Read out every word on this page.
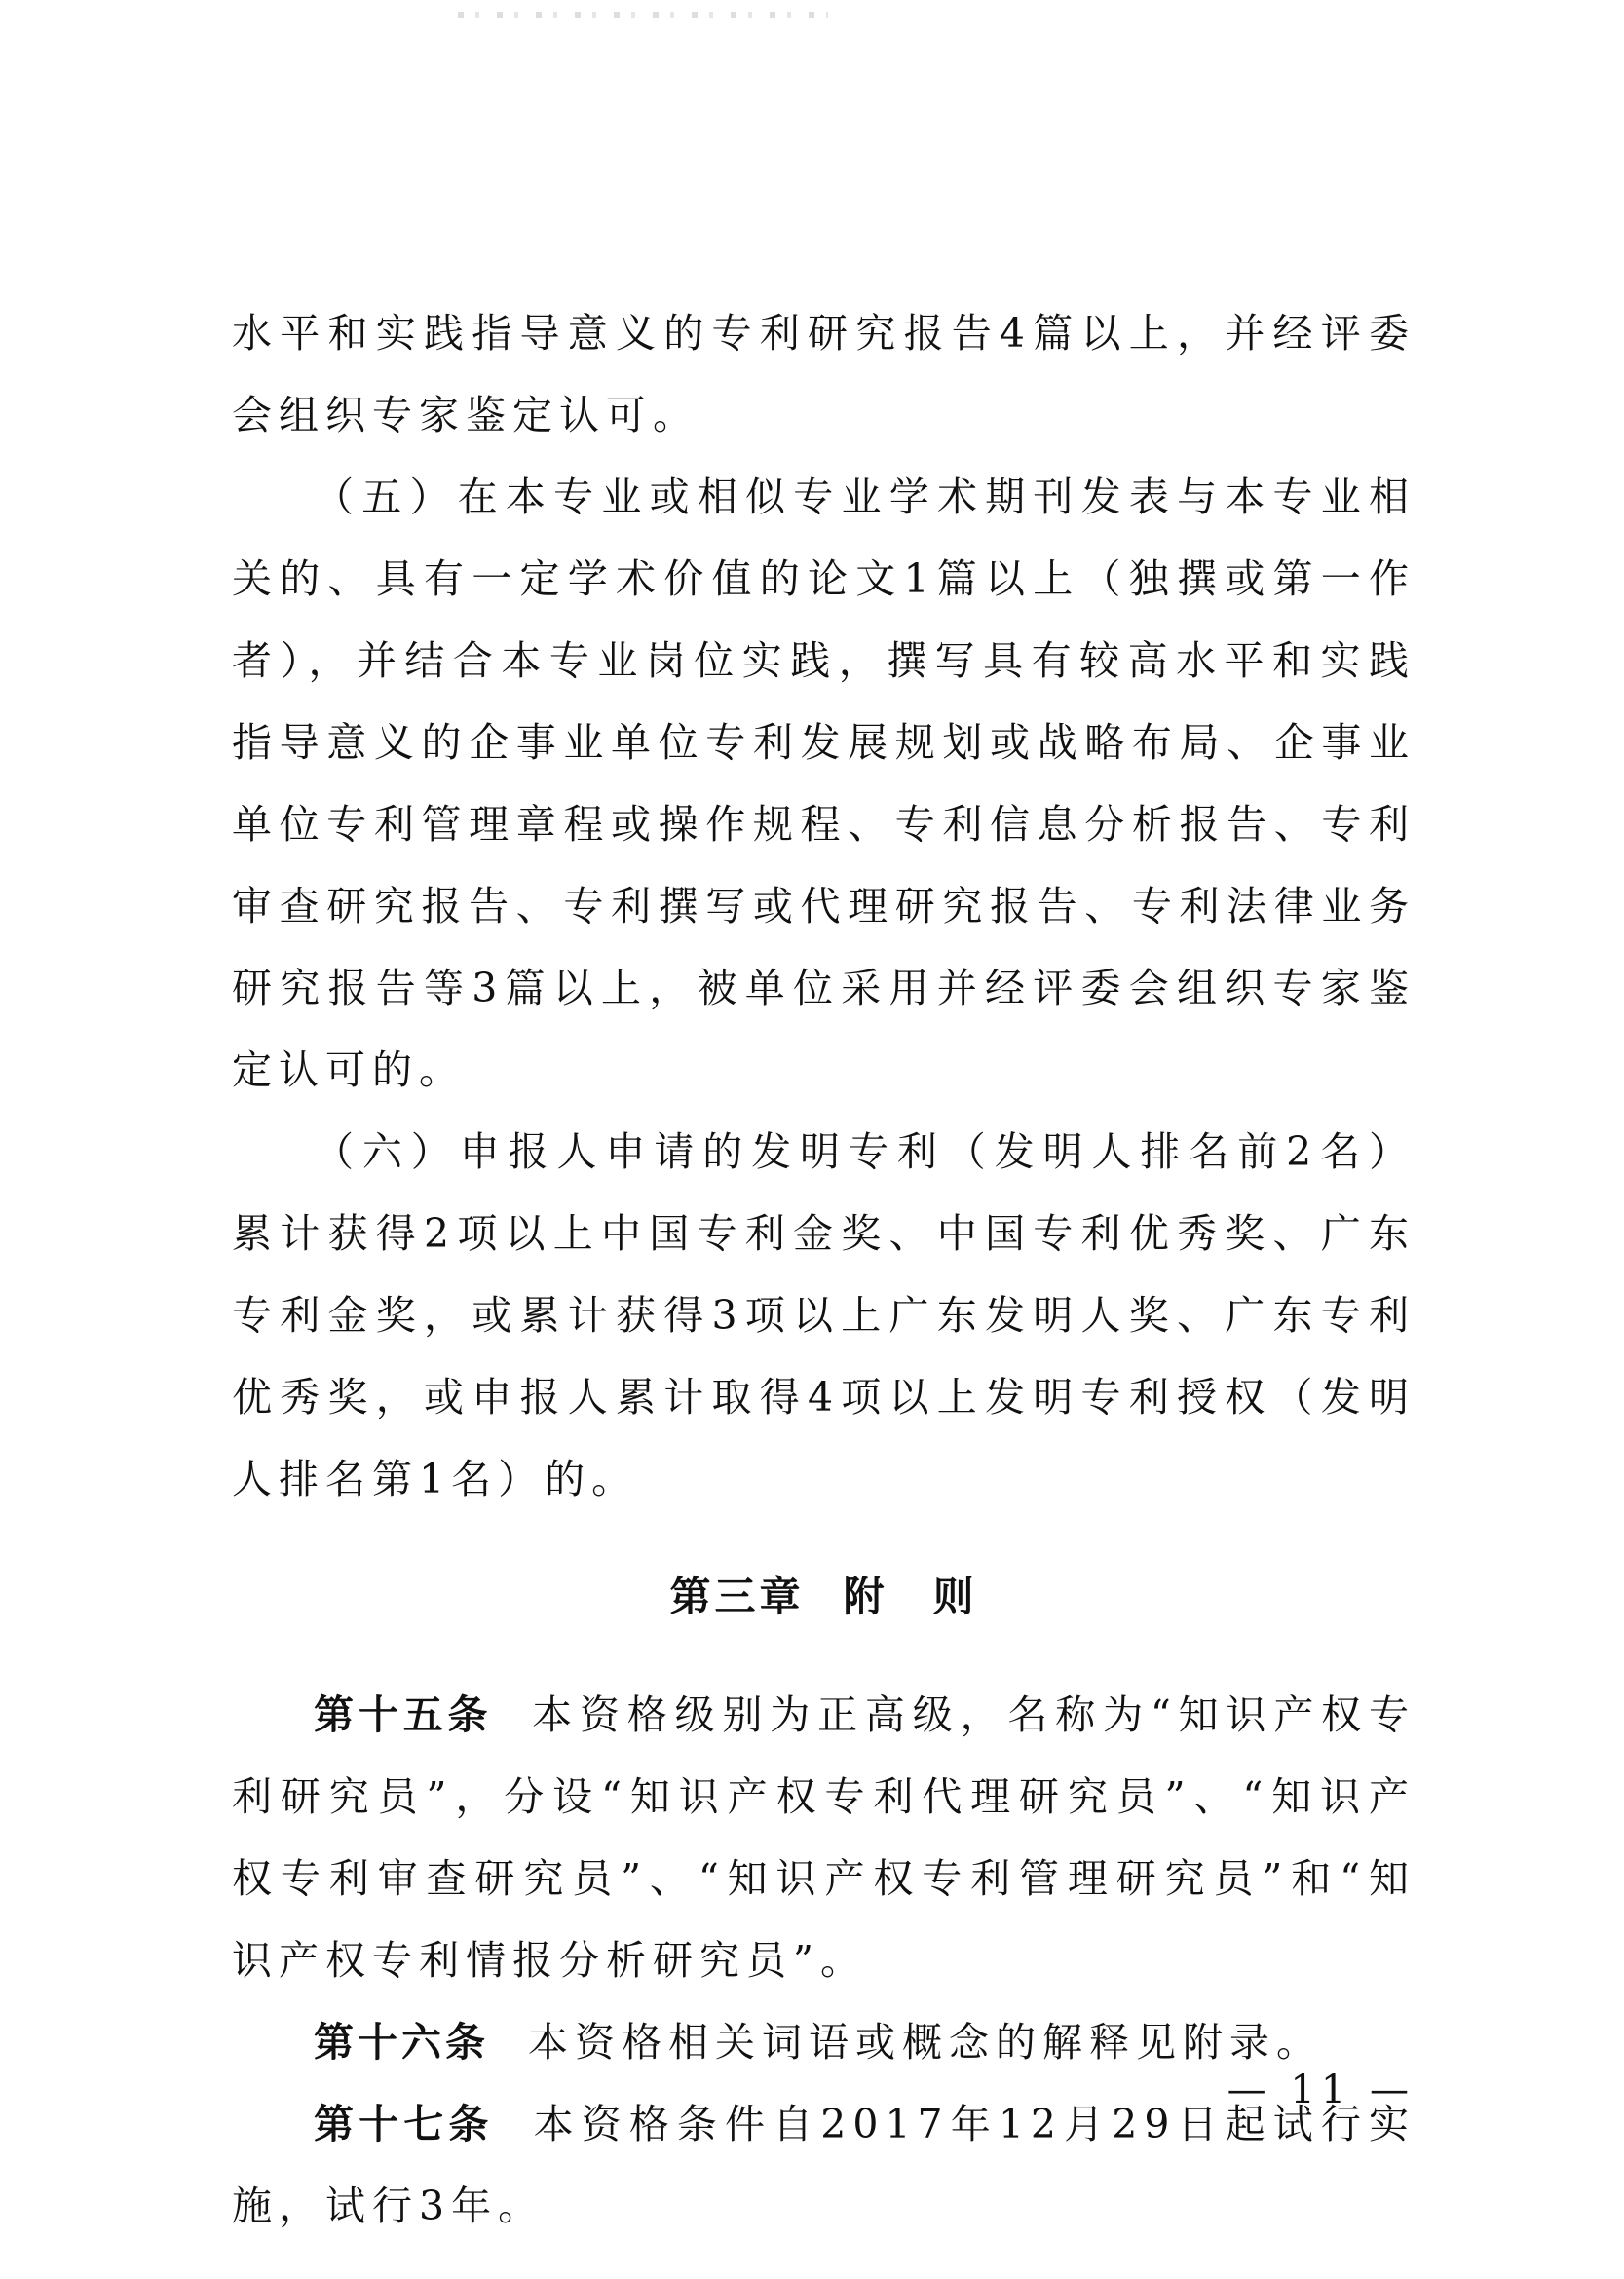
水平和实践指导意义的专利研究报告4篇以上，并经评委会组织专家鉴定认可。

（五）在本专业或相似专业学术期刊发表与本专业相关的、具有一定学术价值的论文1篇以上（独撰或第一作者），并结合本专业岗位实践，撰写具有较高水平和实践指导意义的企事业单位专利发展规划或战略布局、企事业单位专利管理章程或操作规程、专利信息分析报告、专利审查研究报告、专利撰写或代理研究报告、专利法律业务研究报告等3篇以上，被单位采用并经评委会组织专家鉴定认可的。

（六）申报人申请的发明专利（发明人排名前2名）累计获得2项以上中国专利金奖、中国专利优秀奖、广东专利金奖，或累计获得3项以上广东发明人奖、广东专利优秀奖，或申报人累计取得4项以上发明专利授权（发明人排名第1名）的。

第三章 附　则

第十五条 本资格级别为正高级，名称为“知识产权专利研究员”，分设“知识产权专利代理研究员”、“知识产权专利审查研究员”、“知识产权专利管理研究员”和“知识产权专利情报分析研究员”。

第十六条 本资格相关词语或概念的解释见附录。

第十七条 本资格条件自2017年12月29日起试行实施，试行3年。

— 11 —
